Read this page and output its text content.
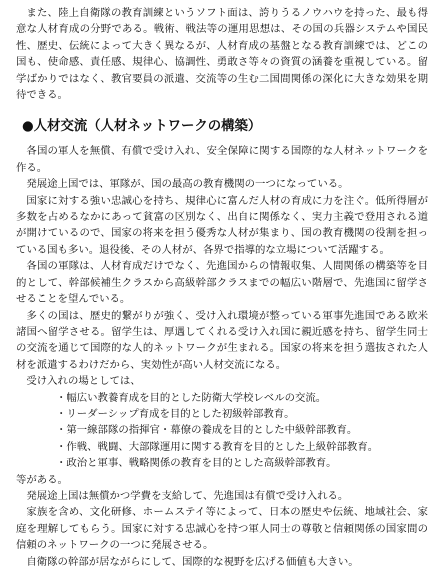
また、陸上自衛隊の教育訓練というソフト面は、誇りうるノウハウを持った、最も得意な人材育成の分野である。戦術、戦法等の運用思想は、その国の兵器システムや国民性、歴史、伝統によって大きく異なるが、人材育成の基盤となる教育訓練では、どこの国も、使命感、責任感、規律心、協調性、勇敢さ等々の資質の涵養を重視している。留学ばかりではなく、教官要員の派遣、交流等の生む二国間関係の深化に大きな効果を期待できる。

● 人材交流（人材ネットワークの構築）

各国の軍人を無償、有償で受け入れ、安全保障に関する国際的な人材ネットワークを作る。

発展途上国では、軍隊が、国の最高の教育機関の一つになっている。

国家に対する強い忠誠心を持ち、規律心に富んだ人材の育成に力を注ぐ。低所得層が多数を占めるなかにあって貧富の区別なく、出自に関係なく、実力主義で登用される道が開けているので、国家の将来を担う優秀な人材が集まり、国の教育機関の役割を担っている国も多い。退役後、その人材が、各界で指導的な立場について活躍する。

各国の軍隊は、人材育成だけでなく、先進国からの情報収集、人間関係の構築等を目的として、幹部候補生クラスから高級幹部クラスまでの幅広い階層で、先進国に留学させることを望んでいる。

多くの国は、歴史的繋がりが強く、受け入れ環境が整っている軍事先進国である欧米諸国へ留学させる。留学生は、厚遇してくれる受け入れ国に親近感を持ち、留学生同士の交流を通じて国際的な人的ネットワークが生まれる。国家の将来を担う選抜された人材を派遣するわけだから、実効性が高い人材交流になる。

受け入れの場としては、

・幅広い教養育成を目的とした防衛大学校レベルの交流。
・リーダーシップ育成を目的とした初級幹部教育。
・第一線部隊の指揮官・幕僚の養成を目的とした中級幹部教育。
・作戦、戦闘、大部隊運用に関する教育を目的とした上級幹部教育。
・政治と軍事、戦略関係の教育を目的とした高級幹部教育。

等がある。

発展途上国は無償かつ学費を支給して、先進国は有償で受け入れる。

家族を含め、文化研修、ホームステイ等によって、日本の歴史や伝統、地域社会、家庭を理解してもらう。国家に対する忠誠心を持つ軍人同士の尊敬と信頼関係の国家間の信頼のネットワークの一つに発展させる。

自衛隊の幹部が居ながらにして、国際的な視野を広げる価値も大きい。
